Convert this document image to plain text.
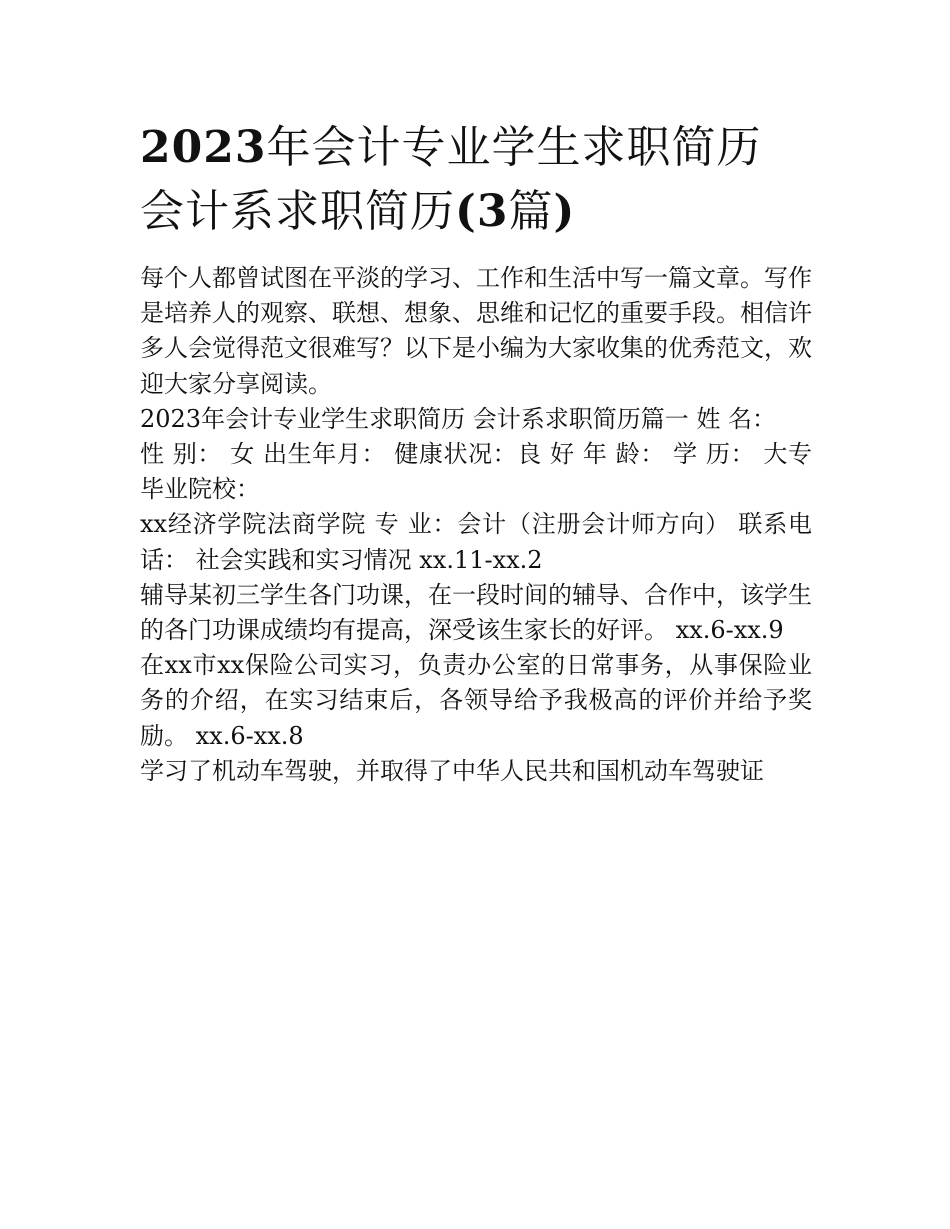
2023年会计专业学生求职简历
会计系求职简历(3篇)

每个人都曾试图在平淡的学习、工作和生活中写一篇文章。写作是培养人的观察、联想、想象、思维和记忆的重要手段。相信许多人会觉得范文很难写？以下是小编为大家收集的优秀范文，欢迎大家分享阅读。

2023年会计专业学生求职简历 会计系求职简历篇一 姓 名：

性 别： 女 出生年月： 健康状况：良 好 年 龄： 学 历： 大专毕业院校：

xx经济学院法商学院 专 业：会计（注册会计师方向） 联系电话： 社会实践和实习情况 xx.11-xx.2

辅导某初三学生各门功课，在一段时间的辅导、合作中，该学生的各门功课成绩均有提高，深受该生家长的好评。 xx.6-xx.9

在xx市xx保险公司实习，负责办公室的日常事务，从事保险业务的介绍，在实习结束后，各领导给予我极高的评价并给予奖励。 xx.6-xx.8

学习了机动车驾驶，并取得了中华人民共和国机动车驾驶证
